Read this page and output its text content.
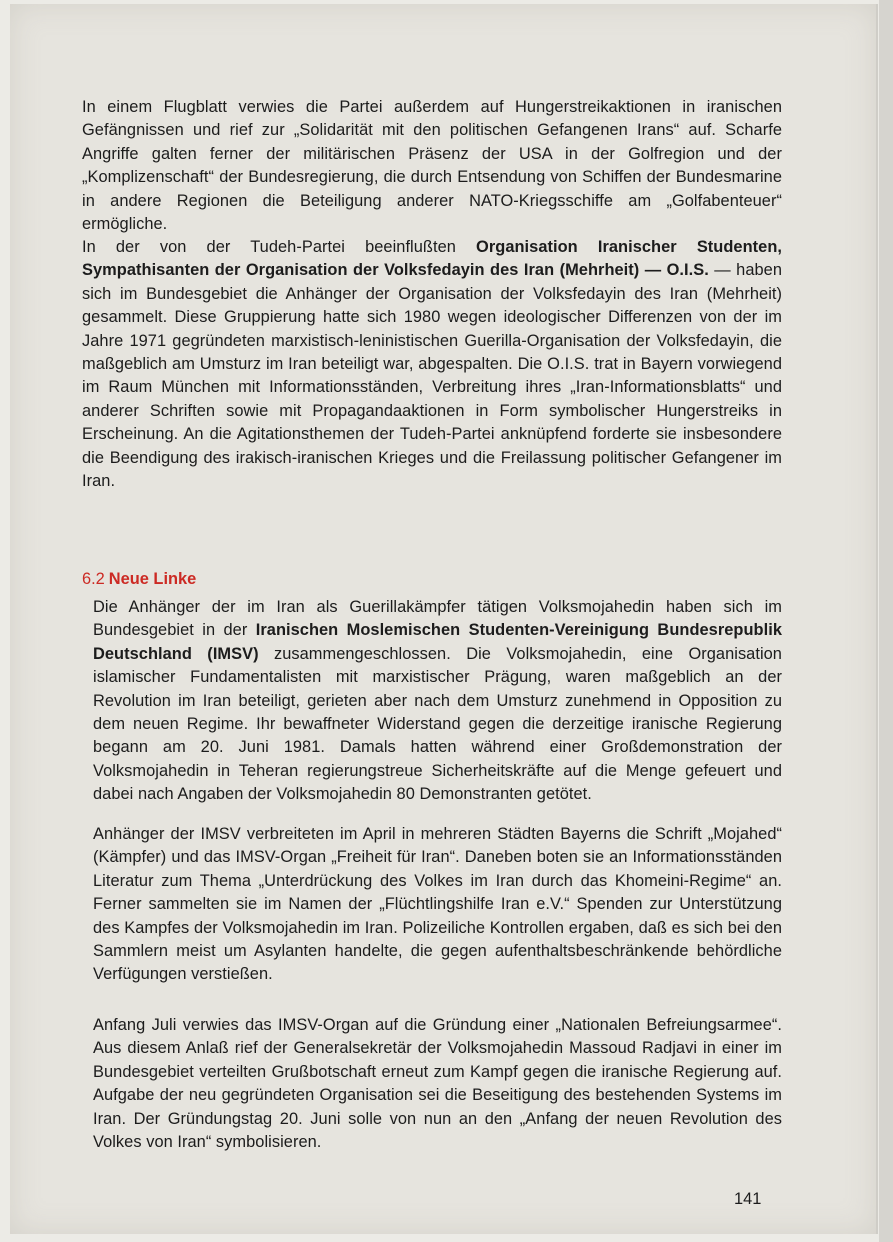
In einem Flugblatt verwies die Partei außerdem auf Hungerstreikaktionen in iranischen Gefängnissen und rief zur „Solidarität mit den politischen Gefangenen Irans“ auf. Scharfe Angriffe galten ferner der militärischen Präsenz der USA in der Golfregion und der „Komplizenschaft“ der Bundesregierung, die durch Entsendung von Schiffen der Bundesmarine in andere Regionen die Beteiligung anderer NATO-Kriegsschiffe am „Golfabenteuer“ ermögliche.

In der von der Tudeh-Partei beeinflußten Organisation Iranischer Studenten, Sympathisanten der Organisation der Volksfedayin des Iran (Mehrheit) — O.I.S. — haben sich im Bundesgebiet die Anhänger der Organisation der Volksfedayin des Iran (Mehrheit) gesammelt. Diese Gruppierung hatte sich 1980 wegen ideologischer Differenzen von der im Jahre 1971 gegründeten marxistisch-leninistischen Guerilla-Organisation der Volksfedayin, die maßgeblich am Umsturz im Iran beteiligt war, abgespalten. Die O.I.S. trat in Bayern vorwiegend im Raum München mit Informationsständen, Verbreitung ihres „Iran-Informationsblatts“ und anderer Schriften sowie mit Propagandaaktionen in Form symbolischer Hungerstreiks in Erscheinung. An die Agitationsthemen der Tudeh-Partei anknüpfend forderte sie insbesondere die Beendigung des irakisch-iranischen Krieges und die Freilassung politischer Gefangener im Iran.

6.2 Neue Linke

Die Anhänger der im Iran als Guerillakämpfer tätigen Volksmojahedin haben sich im Bundesgebiet in der Iranischen Moslemischen Studenten-Vereinigung Bundesrepublik Deutschland (IMSV) zusammengeschlossen. Die Volksmojahedin, eine Organisation islamischer Fundamentalisten mit marxistischer Prägung, waren maßgeblich an der Revolution im Iran beteiligt, gerieten aber nach dem Umsturz zunehmend in Opposition zu dem neuen Regime. Ihr bewaffneter Widerstand gegen die derzeitige iranische Regierung begann am 20. Juni 1981. Damals hatten während einer Großdemonstration der Volksmojahedin in Teheran regierungstreue Sicherheitskräfte auf die Menge gefeuert und dabei nach Angaben der Volksmojahedin 80 Demonstranten getötet.

Anhänger der IMSV verbreiteten im April in mehreren Städten Bayerns die Schrift „Mojahed“ (Kämpfer) und das IMSV-Organ „Freiheit für Iran“. Daneben boten sie an Informationsständen Literatur zum Thema „Unterdrückung des Volkes im Iran durch das Khomeini-Regime“ an. Ferner sammelten sie im Namen der „Flüchtlingshilfe Iran e.V.“ Spenden zur Unterstützung des Kampfes der Volksmojahedin im Iran. Polizeiliche Kontrollen ergaben, daß es sich bei den Sammlern meist um Asylanten handelte, die gegen aufenthaltsbeschränkende behördliche Verfügungen verstießen.

Anfang Juli verwies das IMSV-Organ auf die Gründung einer „Nationalen Befreiungsarmee“. Aus diesem Anlaß rief der Generalsekretär der Volksmojahedin Massoud Radjavi in einer im Bundesgebiet verteilten Grußbotschaft erneut zum Kampf gegen die iranische Regierung auf. Aufgabe der neu gegründeten Organisation sei die Beseitigung des bestehenden Systems im Iran. Der Gründungstag 20. Juni solle von nun an den „Anfang der neuen Revolution des Volkes von Iran“ symbolisieren.

141
